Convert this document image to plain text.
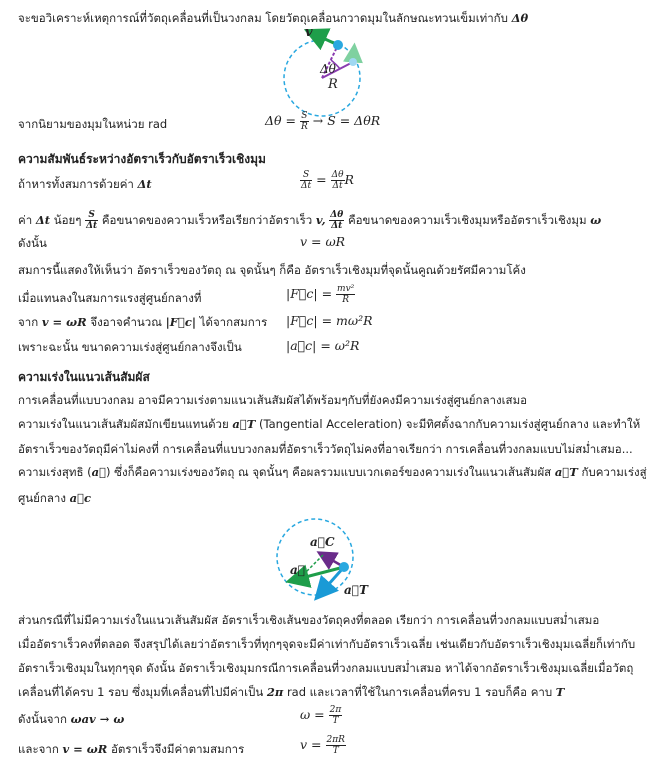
จะขอวิเคราะห์เหตุการณ์ที่วัตถุเคลื่อนที่เป็นวงกลม โดยวัตถุเคลื่อนกวาดมุมในลักษณะทวนเข็มเท่ากับ Δθ
v
Δθ
R
จากนิยามของมุมในหน่วย rad	$\Delta\theta = \frac{S}{R} \to S = \Delta\theta R$
ความสัมพันธ์ระหว่างอัตราเร็วกับอัตราเร็วเชิงมุม
ถ้าหารทั้งสมการด้วยค่า Δt	$\frac{S}{\Delta t} = \frac{\Delta\theta}{\Delta t}$ R
ค่า Δt น้อยๆ $\frac{S}{\Delta t}$ คือขนาดของความเร็วหรือเรียกว่าอัตราเร็ว v, $\frac{\Delta\theta}{\Delta t}$ คือขนาดของความเร็วเชิงมุมหรืออัตราเร็วเชิงมุม ω
ดังนั้น	v = ωR
สมการนี้แสดงให้เห็นว่า อัตราเร็วของวัตถุ ณ จุดนั้นๆ ก็คือ อัตราเร็วเชิงมุมที่จุดนั้นคูณด้วยรัศมีความโค้ง
เมื่อแทนลงในสมการแรงสู่ศูนย์กลางที่	|F⃗c| = $\frac{\text{mv²}}{R}$
จาก v = ωR จึงอาจคำนวณ |F⃗c| ได้จากสมการ |F⃗c| = mω²R
เพราะฉะนั้น ขนาดความเร่งสู่ศูนย์กลางจึงเป็น	|a⃗c| = ω²R
ความเร่งในแนวเส้นสัมผัส
การเคลื่อนที่แบบวงกลม อาจมีความเร่งตามแนวเส้นสัมผัสได้พร้อมๆกับที่ยังคงมีความเร่งสู่ศูนย์กลางเสมอ
ความเร่งในแนวเส้นสัมผัสมักเขียนแทนด้วย a⃗T (Tangential Acceleration) จะมีทิศตั้งฉากกับความเร่งสู่ศูนย์กลาง และทำให้
อัตราเร็วของวัตถุมีค่าไม่คงที่ การเคลื่อนที่แบบวงกลมที่อัตราเร็ววัตถุไม่คงที่อาจเรียกว่า การเคลื่อนที่วงกลมแบบไม่สม่ำเสมอ...
ความเร่งสุทธิ (a⃗) ซึ่งก็คือความเร่งของวัตถุ ณ จุดนั้นๆ คือผลรวมแบบเวกเตอร์ของความเร่งในแนวเส้นสัมผัส a⃗T กับความเร่งสู่
ศูนย์กลาง a⃗c
a⃗C
a⃗
a⃗T
ส่วนกรณีที่ไม่มีความเร่งในแนวเส้นสัมผัส อัตราเร็วเชิงเส้นของวัตถุคงที่ตลอด เรียกว่า การเคลื่อนที่วงกลมแบบสม่ำเสมอ
เมื่ออัตราเร็วคงที่ตลอด จึงสรุปได้เลยว่าอัตราเร็วที่ทุกๆจุดจะมีค่าเท่ากับอัตราเร็วเฉลี่ย เช่นเดียวกับอัตราเร็วเชิงมุมเฉลี่ยก็เท่ากับ
อัตราเร็วเชิงมุมในทุกๆจุด ดังนั้น อัตราเร็วเชิงมุมกรณีการเคลื่อนที่วงกลมแบบสม่ำเสมอ หาได้จากอัตราเร็วเชิงมุมเฉลี่ยเมื่อวัตถุ
เคลื่อนที่ได้ครบ 1 รอบ ซึ่งมุมที่เคลื่อนที่ไปมีค่าเป็น 2π rad และเวลาที่ใช้ในการเคลื่อนที่ครบ 1 รอบก็คือ คาบ T
ดังนั้นจาก ωav → ω	$\omega = \frac{2\pi}{T}$
และจาก v = ωR อัตราเร็วจึงมีค่าตามสมการ	$v = \frac{2\pi R}{T}$
